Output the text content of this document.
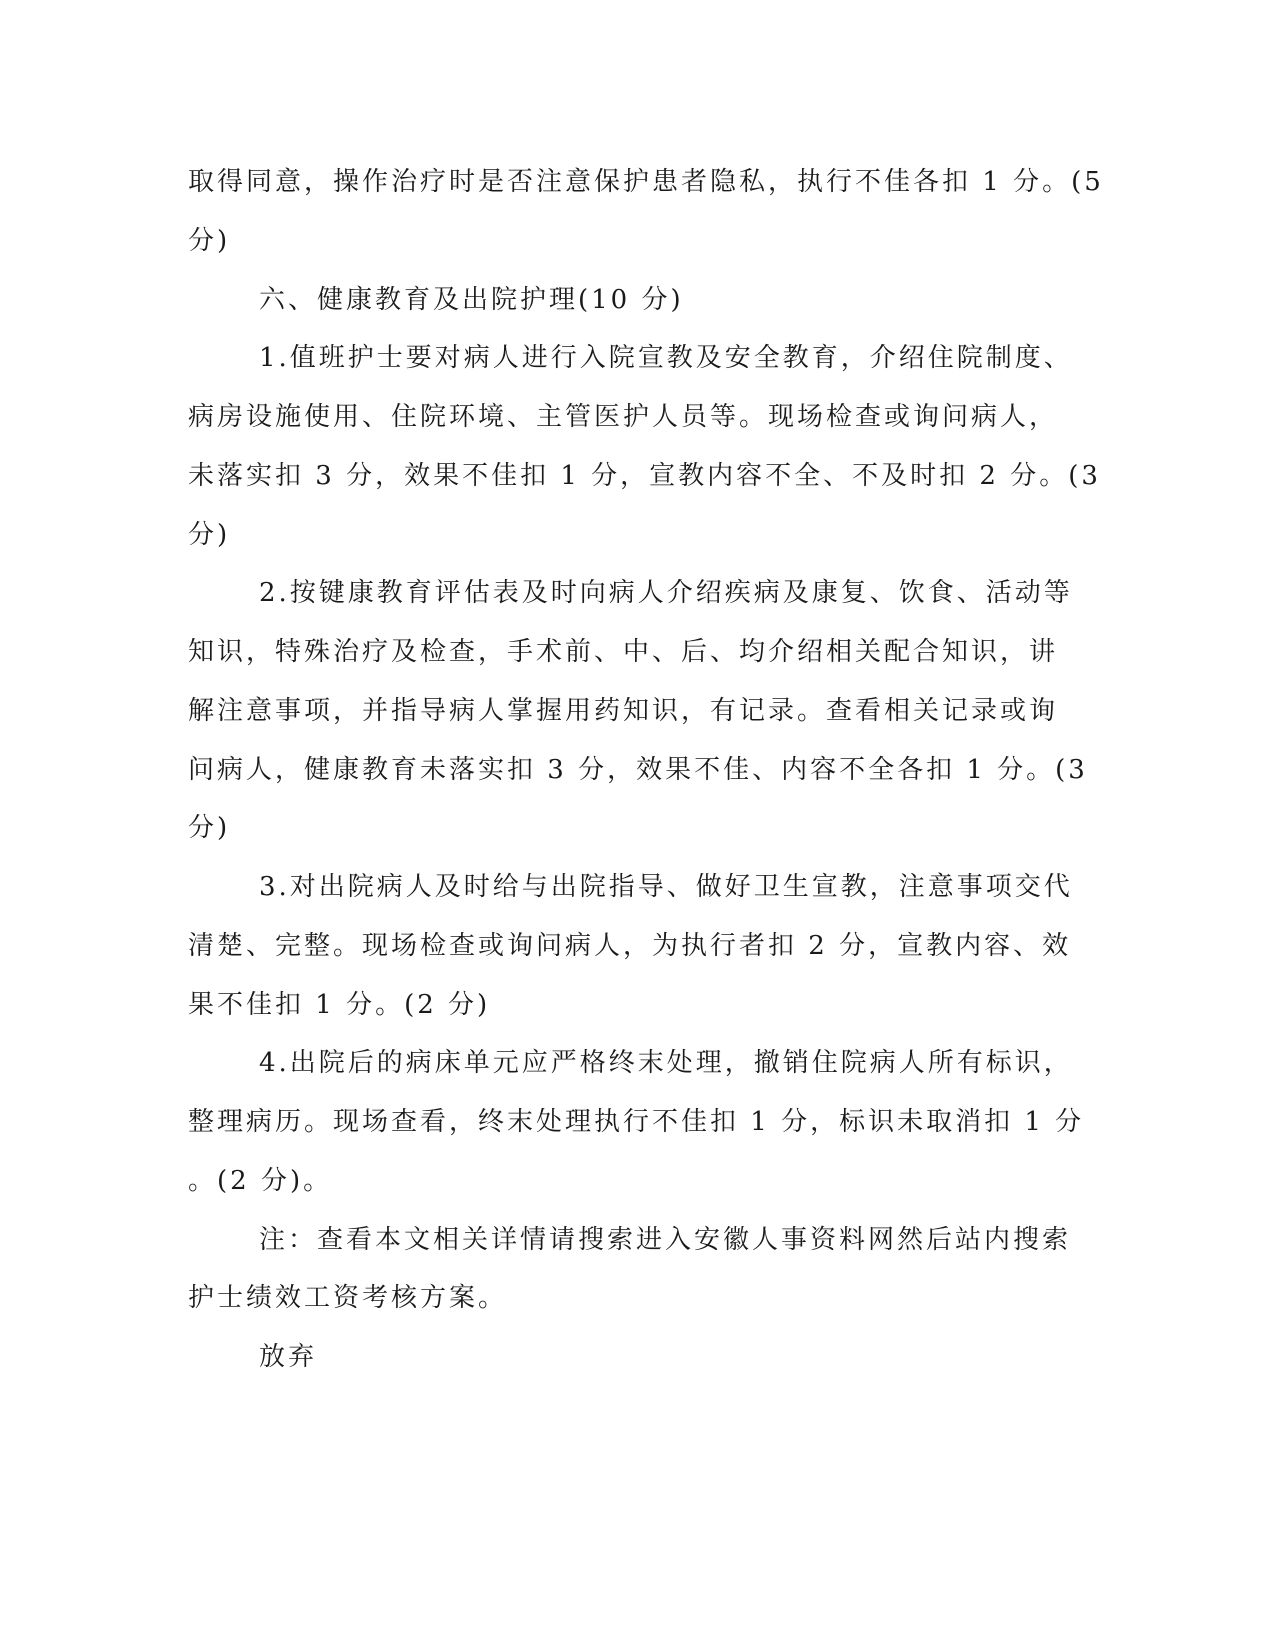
取得同意，操作治疗时是否注意保护患者隐私，执行不佳各扣 1 分。(5
分)
六、健康教育及出院护理(10 分)
1.值班护士要对病人进行入院宣教及安全教育，介绍住院制度、
病房设施使用、住院环境、主管医护人员等。现场检查或询问病人，
未落实扣 3 分，效果不佳扣 1 分，宣教内容不全、不及时扣 2 分。(3
分)
2.按键康教育评估表及时向病人介绍疾病及康复、饮食、活动等
知识，特殊治疗及检查，手术前、中、后、均介绍相关配合知识，讲
解注意事项，并指导病人掌握用药知识，有记录。查看相关记录或询
问病人，健康教育未落实扣 3 分，效果不佳、内容不全各扣 1 分。(3
分)
3.对出院病人及时给与出院指导、做好卫生宣教，注意事项交代
清楚、完整。现场检查或询问病人，为执行者扣 2 分，宣教内容、效
果不佳扣 1 分。(2 分)
4.出院后的病床单元应严格终末处理，撤销住院病人所有标识，
整理病历。现场查看，终末处理执行不佳扣 1 分，标识未取消扣 1 分
。(2 分)。
注：查看本文相关详情请搜索进入安徽人事资料网然后站内搜索
护士绩效工资考核方案。
放弃
